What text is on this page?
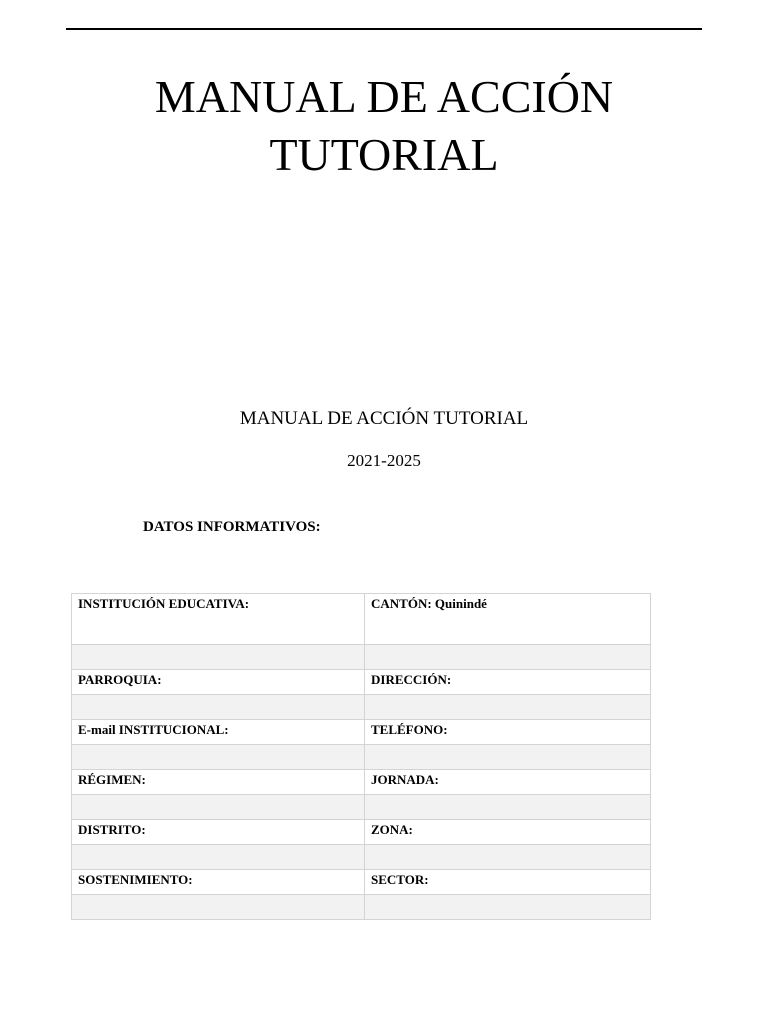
MANUAL DE ACCIÓN
TUTORIAL

MANUAL DE ACCIÓN TUTORIAL

2021-2025

DATOS INFORMATIVOS:

INSTITUCIÓN EDUCATIVA:	CANTÓN: Quinindé

PARROQUIA:	DIRECCIÓN:

E-mail INSTITUCIONAL:	TELÉFONO:

RÉGIMEN:	JORNADA:

DISTRITO:	ZONA:

SOSTENIMIENTO:	SECTOR:
